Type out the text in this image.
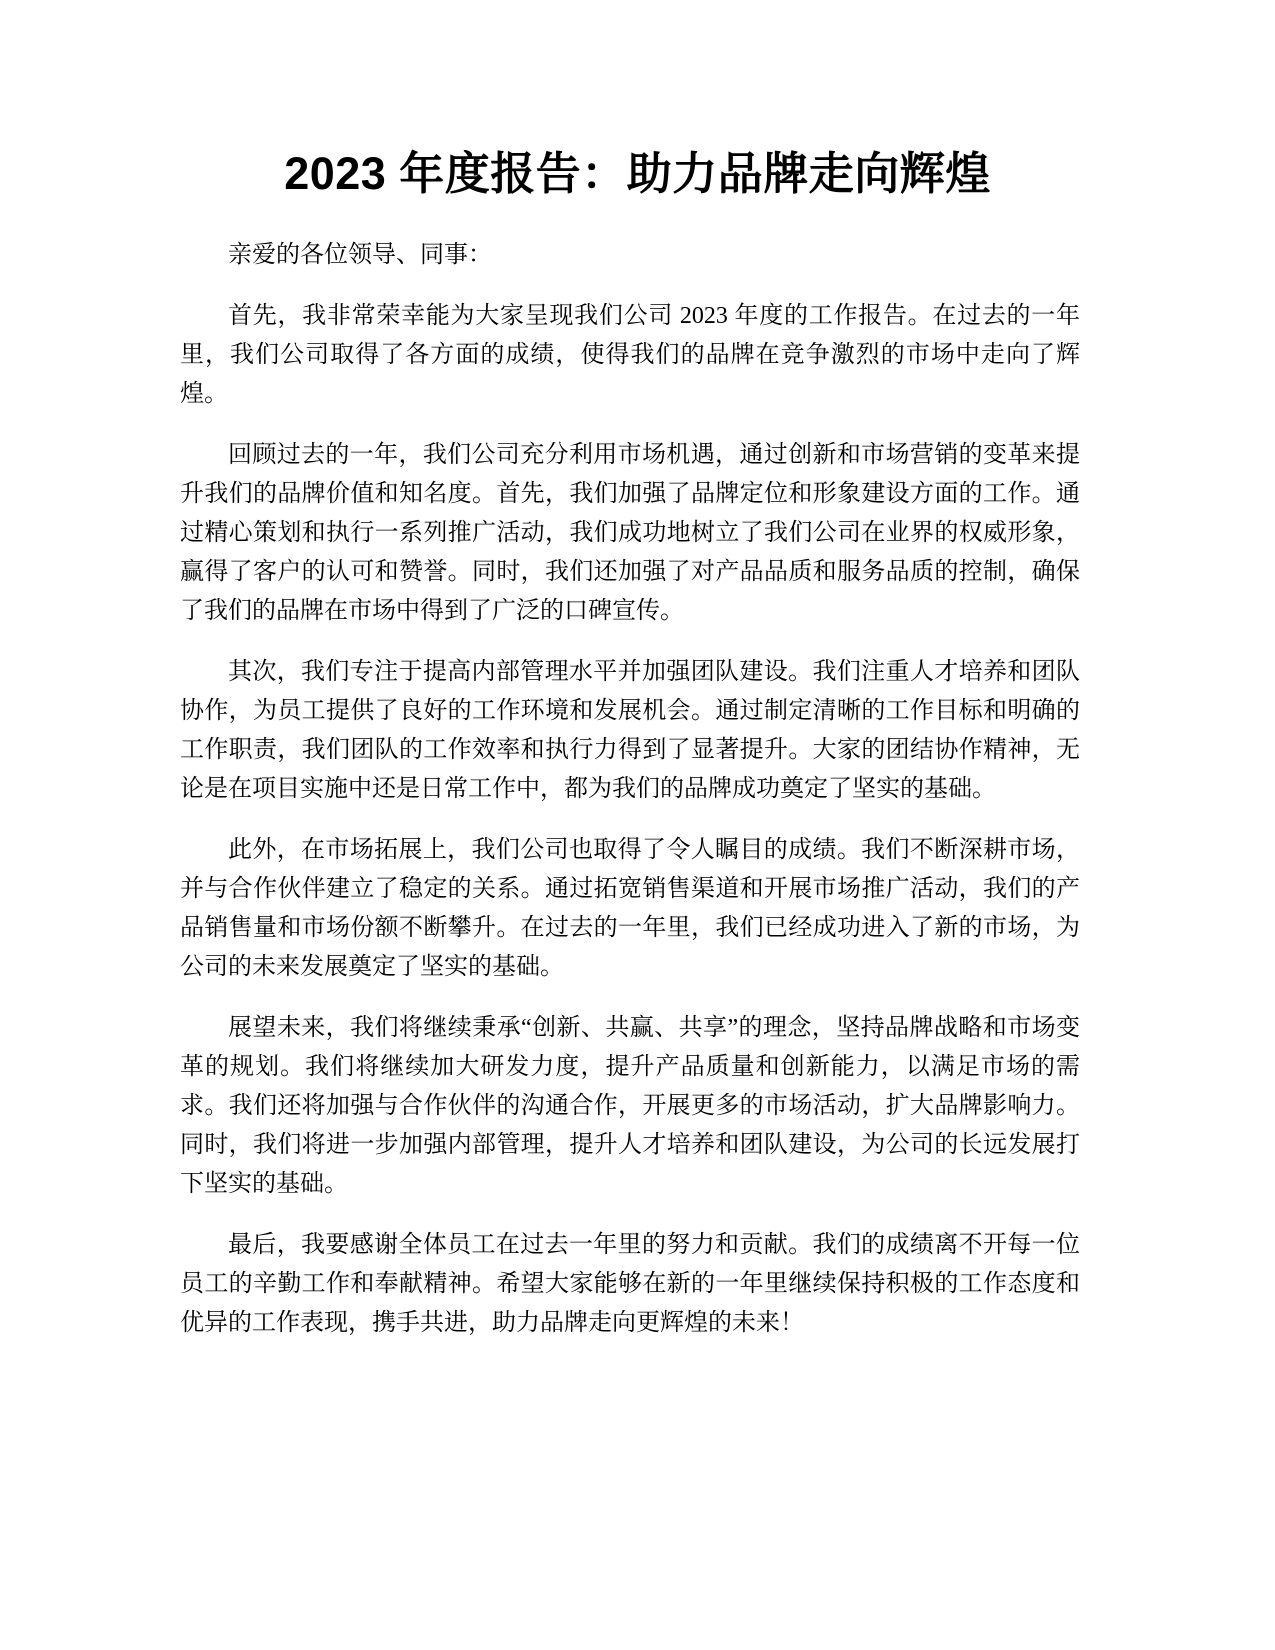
2023 年度报告：助力品牌走向辉煌

亲爱的各位领导、同事：

首先，我非常荣幸能为大家呈现我们公司 2023 年度的工作报告。在过去的一年里，我们公司取得了各方面的成绩，使得我们的品牌在竞争激烈的市场中走向了辉煌。

回顾过去的一年，我们公司充分利用市场机遇，通过创新和市场营销的变革来提升我们的品牌价值和知名度。首先，我们加强了品牌定位和形象建设方面的工作。通过精心策划和执行一系列推广活动，我们成功地树立了我们公司在业界的权威形象，赢得了客户的认可和赞誉。同时，我们还加强了对产品品质和服务品质的控制，确保了我们的品牌在市场中得到了广泛的口碑宣传。

其次，我们专注于提高内部管理水平并加强团队建设。我们注重人才培养和团队协作，为员工提供了良好的工作环境和发展机会。通过制定清晰的工作目标和明确的工作职责，我们团队的工作效率和执行力得到了显著提升。大家的团结协作精神，无论是在项目实施中还是日常工作中，都为我们的品牌成功奠定了坚实的基础。

此外，在市场拓展上，我们公司也取得了令人瞩目的成绩。我们不断深耕市场，并与合作伙伴建立了稳定的关系。通过拓宽销售渠道和开展市场推广活动，我们的产品销售量和市场份额不断攀升。在过去的一年里，我们已经成功进入了新的市场，为公司的未来发展奠定了坚实的基础。

展望未来，我们将继续秉承“创新、共赢、共享”的理念，坚持品牌战略和市场变革的规划。我们将继续加大研发力度，提升产品质量和创新能力，以满足市场的需求。我们还将加强与合作伙伴的沟通合作，开展更多的市场活动，扩大品牌影响力。同时，我们将进一步加强内部管理，提升人才培养和团队建设，为公司的长远发展打下坚实的基础。

最后，我要感谢全体员工在过去一年里的努力和贡献。我们的成绩离不开每一位员工的辛勤工作和奉献精神。希望大家能够在新的一年里继续保持积极的工作态度和优异的工作表现，携手共进，助力品牌走向更辉煌的未来！
